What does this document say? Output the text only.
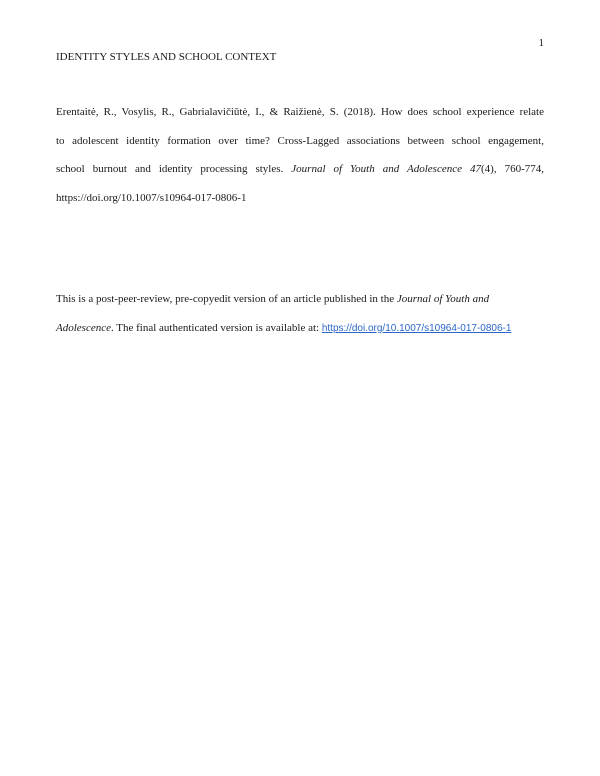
1
IDENTITY STYLES AND SCHOOL CONTEXT
Erentaitė, R., Vosylis, R., Gabrialavičiūtė, I., & Raižienė, S. (2018). How does school experience relate
to adolescent identity formation over time? Cross-Lagged associations between school engagement,
school burnout and identity processing styles. Journal of Youth and Adolescence 47(4), 760-774,
https://doi.org/10.1007/s10964-017-0806-1
This is a post-peer-review, pre-copyedit version of an article published in the Journal of Youth and
Adolescence. The final authenticated version is available at: https://doi.org/10.1007/s10964-017-0806-1
